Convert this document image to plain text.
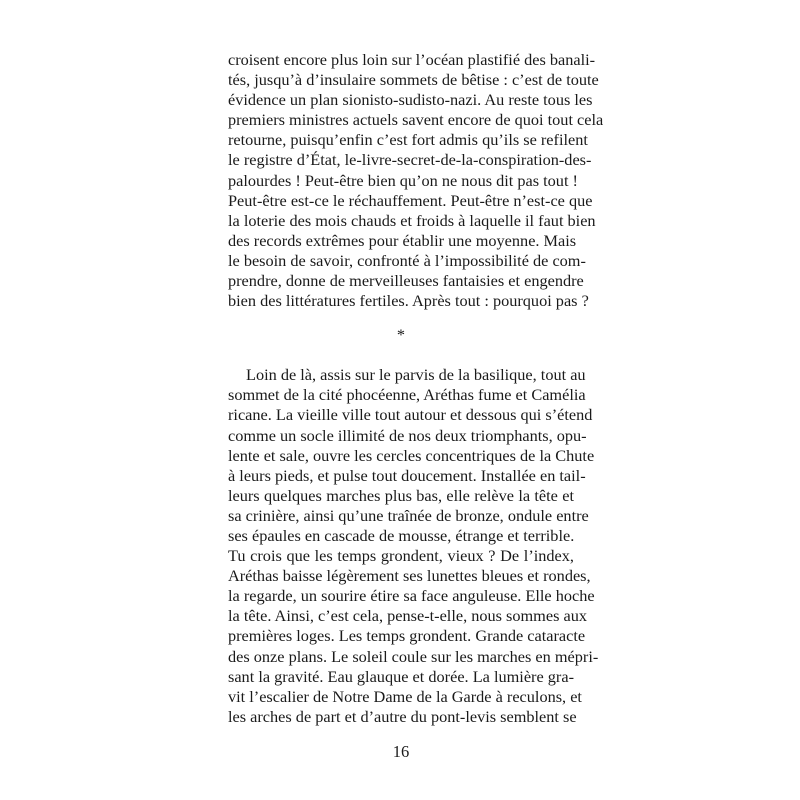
croisent encore plus loin sur l’océan plastifié des banali-
tés, jusqu’à d’insulaire sommets de bêtise : c’est de toute
évidence un plan sionisto-sudisto-nazi. Au reste tous les
premiers ministres actuels savent encore de quoi tout cela
retourne, puisqu’enfin c’est fort admis qu’ils se refilent
le registre d’État, le-livre-secret-de-la-conspiration-des-
palourdes ! Peut-être bien qu’on ne nous dit pas tout !
Peut-être est-ce le réchauffement. Peut-être n’est-ce que
la loterie des mois chauds et froids à laquelle il faut bien
des records extrêmes pour établir une moyenne. Mais
le besoin de savoir, confronté à l’impossibilité de com-
prendre, donne de merveilleuses fantaisies et engendre
bien des littératures fertiles. Après tout : pourquoi pas ?
*
Loin de là, assis sur le parvis de la basilique, tout au
sommet de la cité phocéenne, Aréthas fume et Camélia
ricane. La vieille ville tout autour et dessous qui s’étend
comme un socle illimité de nos deux triomphants, opu-
lente et sale, ouvre les cercles concentriques de la Chute
à leurs pieds, et pulse tout doucement. Installée en tail-
leurs quelques marches plus bas, elle relève la tête et
sa crinière, ainsi qu’une traînée de bronze, ondule entre
ses épaules en cascade de mousse, étrange et terrible.
Tu crois que les temps grondent, vieux ? De l’index,
Aréthas baisse légèrement ses lunettes bleues et rondes,
la regarde, un sourire étire sa face anguleuse. Elle hoche
la tête. Ainsi, c’est cela, pense-t-elle, nous sommes aux
premières loges. Les temps grondent. Grande cataracte
des onze plans. Le soleil coule sur les marches en mépri-
sant la gravité. Eau glauque et dorée. La lumière gra-
vit l’escalier de Notre Dame de la Garde à reculons, et
les arches de part et d’autre du pont-levis semblent se
16
